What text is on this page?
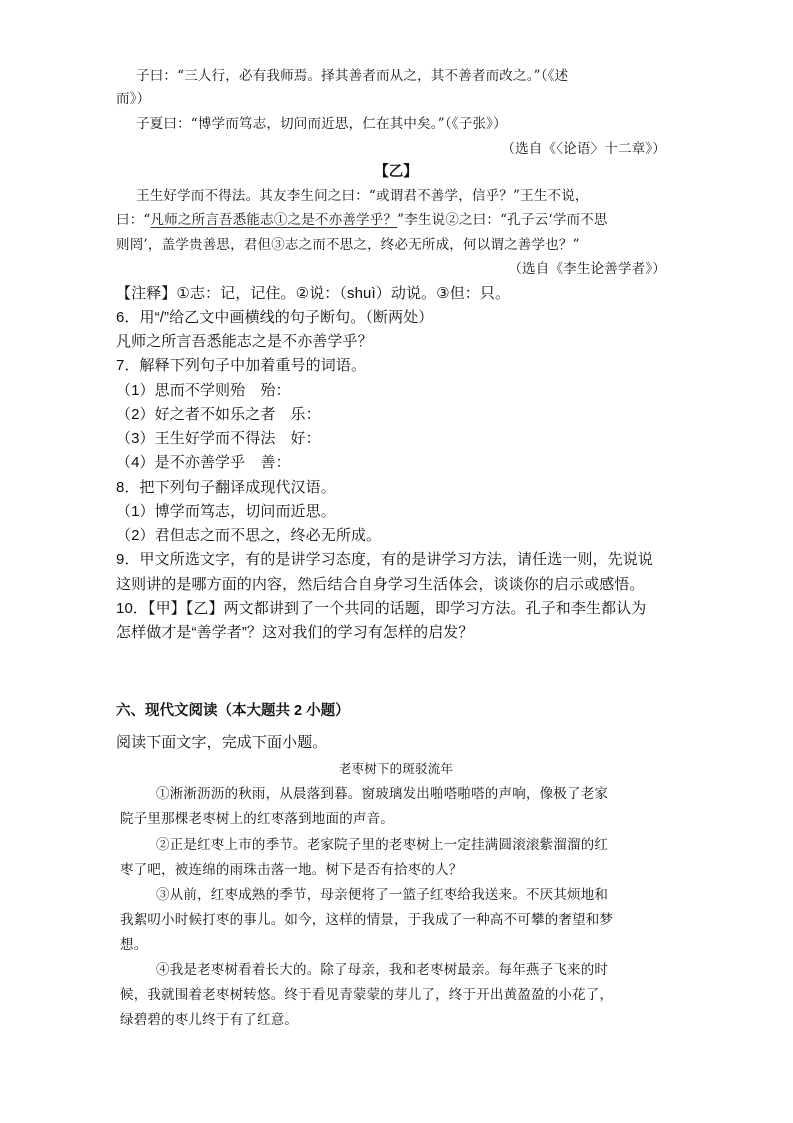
子曰：“三人行，必有我师焉。择其善者而从之，其不善者而改之。”（《述

而》）

子夏曰：“博学而笃志，切问而近思，仁在其中矣。”（《子张》）

（选自《〈论语〉十二章》）

【乙】

王生好学而不得法。其友李生问之曰：“或谓君不善学，信乎？”王生不说，

曰：“凡师之所言吾悉能志①之是不亦善学乎？”李生说②之曰：“孔子云‘学而不思

则罔’，盖学贵善思，君但③志之而不思之，终必无所成，何以谓之善学也？”

（选自《李生论善学者》）

【注释】①志：记，记住。②说：（shuì）动说。③但：只。

6．用“/”给乙文中画横线的句子断句。（断两处）

凡师之所言吾悉能志之是不亦善学乎？

7．解释下列句子中加着重号的词语。

（1）思而不学则殆　殆：

（2）好之者不如乐之者　乐：

（3）王生好学而不得法　好：

（4）是不亦善学乎　善：

8．把下列句子翻译成现代汉语。

（1）博学而笃志，切问而近思。

（2）君但志之而不思之，终必无所成。

9．甲文所选文字，有的是讲学习态度，有的是讲学习方法，请任选一则，先说说

这则讲的是哪方面的内容，然后结合自身学习生活体会，谈谈你的启示或感悟。

10．【甲】【乙】两文都讲到了一个共同的话题，即学习方法。孔子和李生都认为

怎样做才是“善学者”？这对我们的学习有怎样的启发？

六、现代文阅读（本大题共 2 小题）

阅读下面文字，完成下面小题。

老枣树下的斑驳流年

①淅淅沥沥的秋雨，从晨落到暮。窗玻璃发出啪嗒啪嗒的声响，像极了老家

院子里那棵老枣树上的红枣落到地面的声音。

②正是红枣上市的季节。老家院子里的老枣树上一定挂满圆滚滚紫溜溜的红

枣了吧，被连绵的雨珠击落一地。树下是否有拾枣的人？

③从前，红枣成熟的季节，母亲便将了一篮子红枣给我送来。不厌其烦地和

我絮叨小时候打枣的事儿。如今，这样的情景，于我成了一种高不可攀的奢望和梦

想。

④我是老枣树看着长大的。除了母亲，我和老枣树最亲。每年燕子飞来的时

候，我就围着老枣树转悠。终于看见青蒙蒙的芽儿了，终于开出黄盈盈的小花了，

绿碧碧的枣儿终于有了红意。
